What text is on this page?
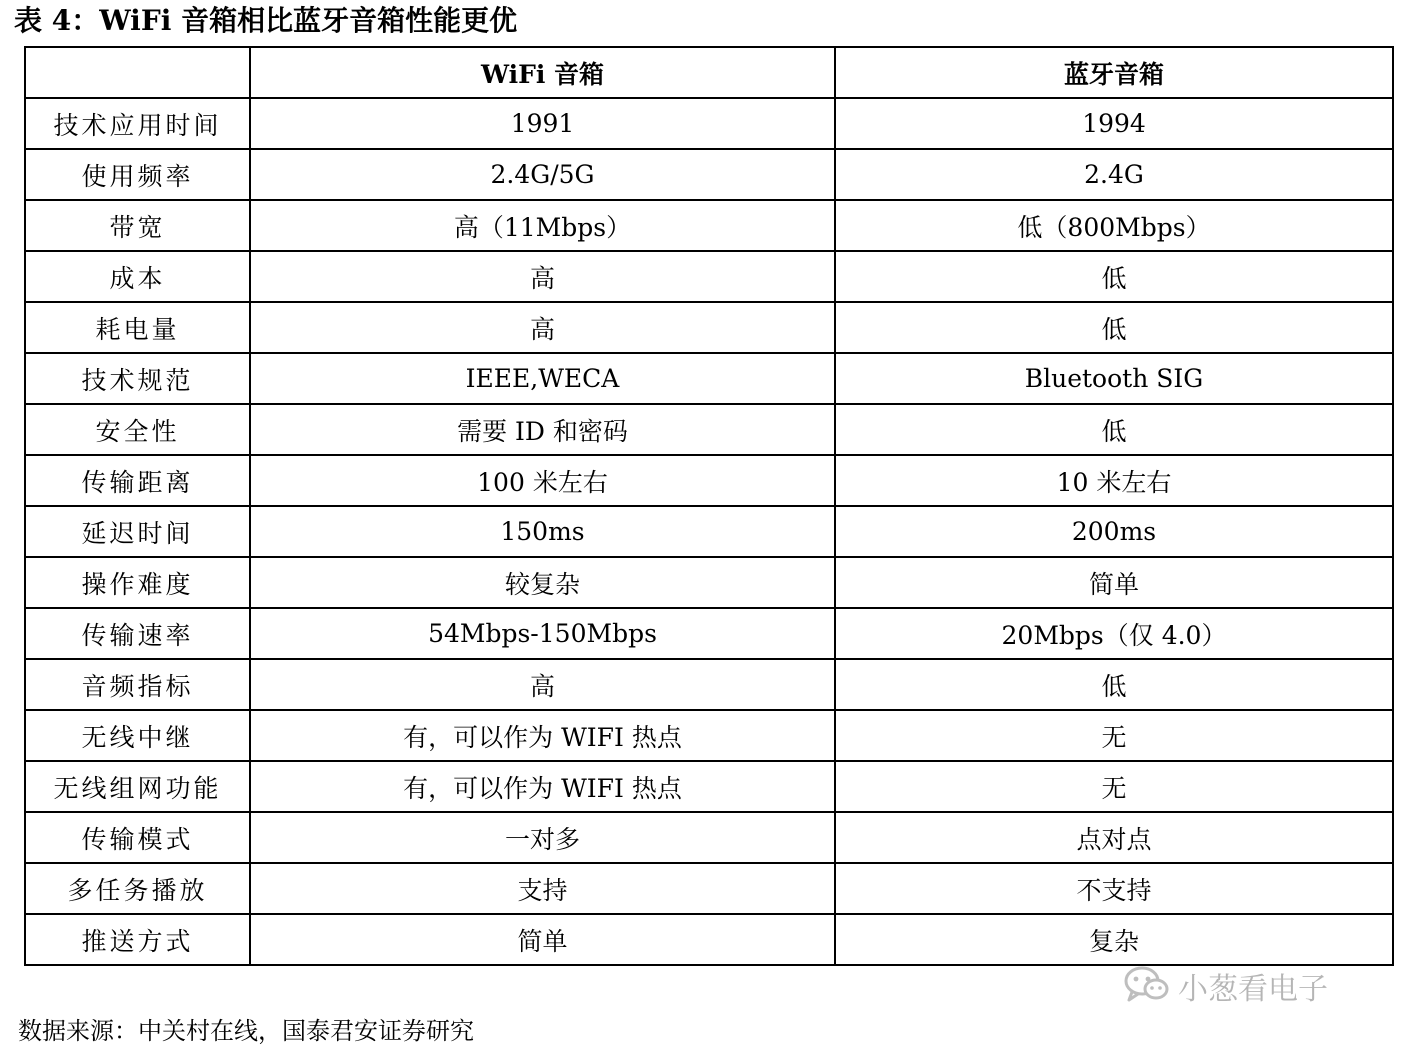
表 4：WiFi 音箱相比蓝牙音箱性能更优
	WiFi 音箱	蓝牙音箱
技术应用时间	1991	1994
使用频率	2.4G/5G	2.4G
带宽	高（11Mbps）	低（800Mbps）
成本	高	低
耗电量	高	低
技术规范	IEEE,WECA	Bluetooth SIG
安全性	需要 ID 和密码	低
传输距离	100 米左右	10 米左右
延迟时间	150ms	200ms
操作难度	较复杂	简单
传输速率	54Mbps-150Mbps	20Mbps（仅 4.0）
音频指标	高	低
无线中继	有，可以作为 WIFI 热点	无
无线组网功能	有，可以作为 WIFI 热点	无
传输模式	一对多	点对点
多任务播放	支持	不支持
推送方式	简单	复杂
数据来源：中关村在线，国泰君安证券研究
小葱看电子
